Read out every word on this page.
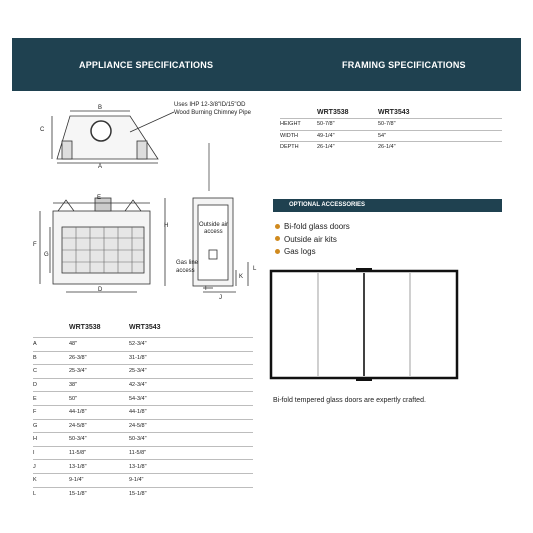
APPLIANCE SPECIFICATIONS	FRAMING SPECIFICATIONS
B
C
A
Uses IHP 12-3/8"ID/15"OD
Wood Burning Chimney Pipe
E
F
G
D
H	Outside air
access
Gas line
access	L
K
I
J
	WRT3538	WRT3543
A	48"	52-3/4"
B	26-3/8"	31-1/8"
C	25-3/4"	25-3/4"
D	38"	42-3/4"
E	50"	54-3/4"
F	44-1/8"	44-1/8"
G	24-5/8"	24-5/8"
H	50-3/4"	50-3/4"
I	11-5/8"	11-5/8"
J	13-1/8"	13-1/8"
K	9-1/4"	9-1/4"
L	15-1/8"	15-1/8"
	WRT3538	WRT3543
HEIGHT	50-7/8"	50-7/8"
WIDTH	49-1/4"	54"
DEPTH	26-1/4"	26-1/4"
OPTIONAL ACCESSORIES
Bi-fold glass doors
Outside air kits
Gas logs
Bi-fold tempered glass doors are expertly crafted.
